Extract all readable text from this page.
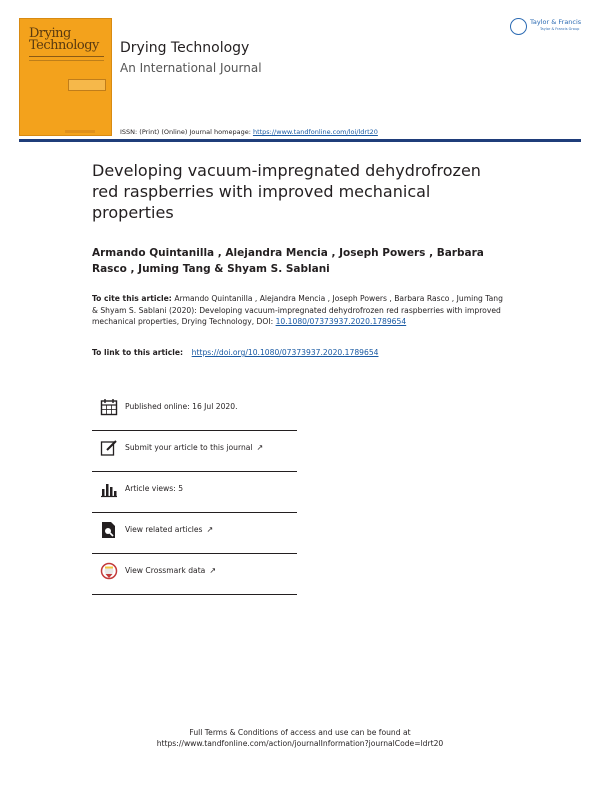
Drying
Technology Drying Technology
An International Journal
ISSN: (Print) (Online) Journal homepage: https://www.tandfonline.com/loi/ldrt20
Taylor & Francis
Taylor & Francis Group
Developing vacuum-impregnated dehydrofrozen red raspberries with improved mechanical properties
Armando Quintanilla , Alejandra Mencia , Joseph Powers , Barbara Rasco , Juming Tang & Shyam S. Sablani
To cite this article: Armando Quintanilla , Alejandra Mencia , Joseph Powers , Barbara Rasco , Juming Tang & Shyam S. Sablani (2020): Developing vacuum-impregnated dehydrofrozen red raspberries with improved mechanical properties, Drying Technology, DOI: 10.1080/07373937.2020.1789654
To link to this article: https://doi.org/10.1080/07373937.2020.1789654
Published online: 16 Jul 2020.
Submit your article to this journal ↗
Article views: 5
View related articles ↗
View Crossmark data ↗
Full Terms & Conditions of access and use can be found at
https://www.tandfonline.com/action/journalInformation?journalCode=ldrt20
